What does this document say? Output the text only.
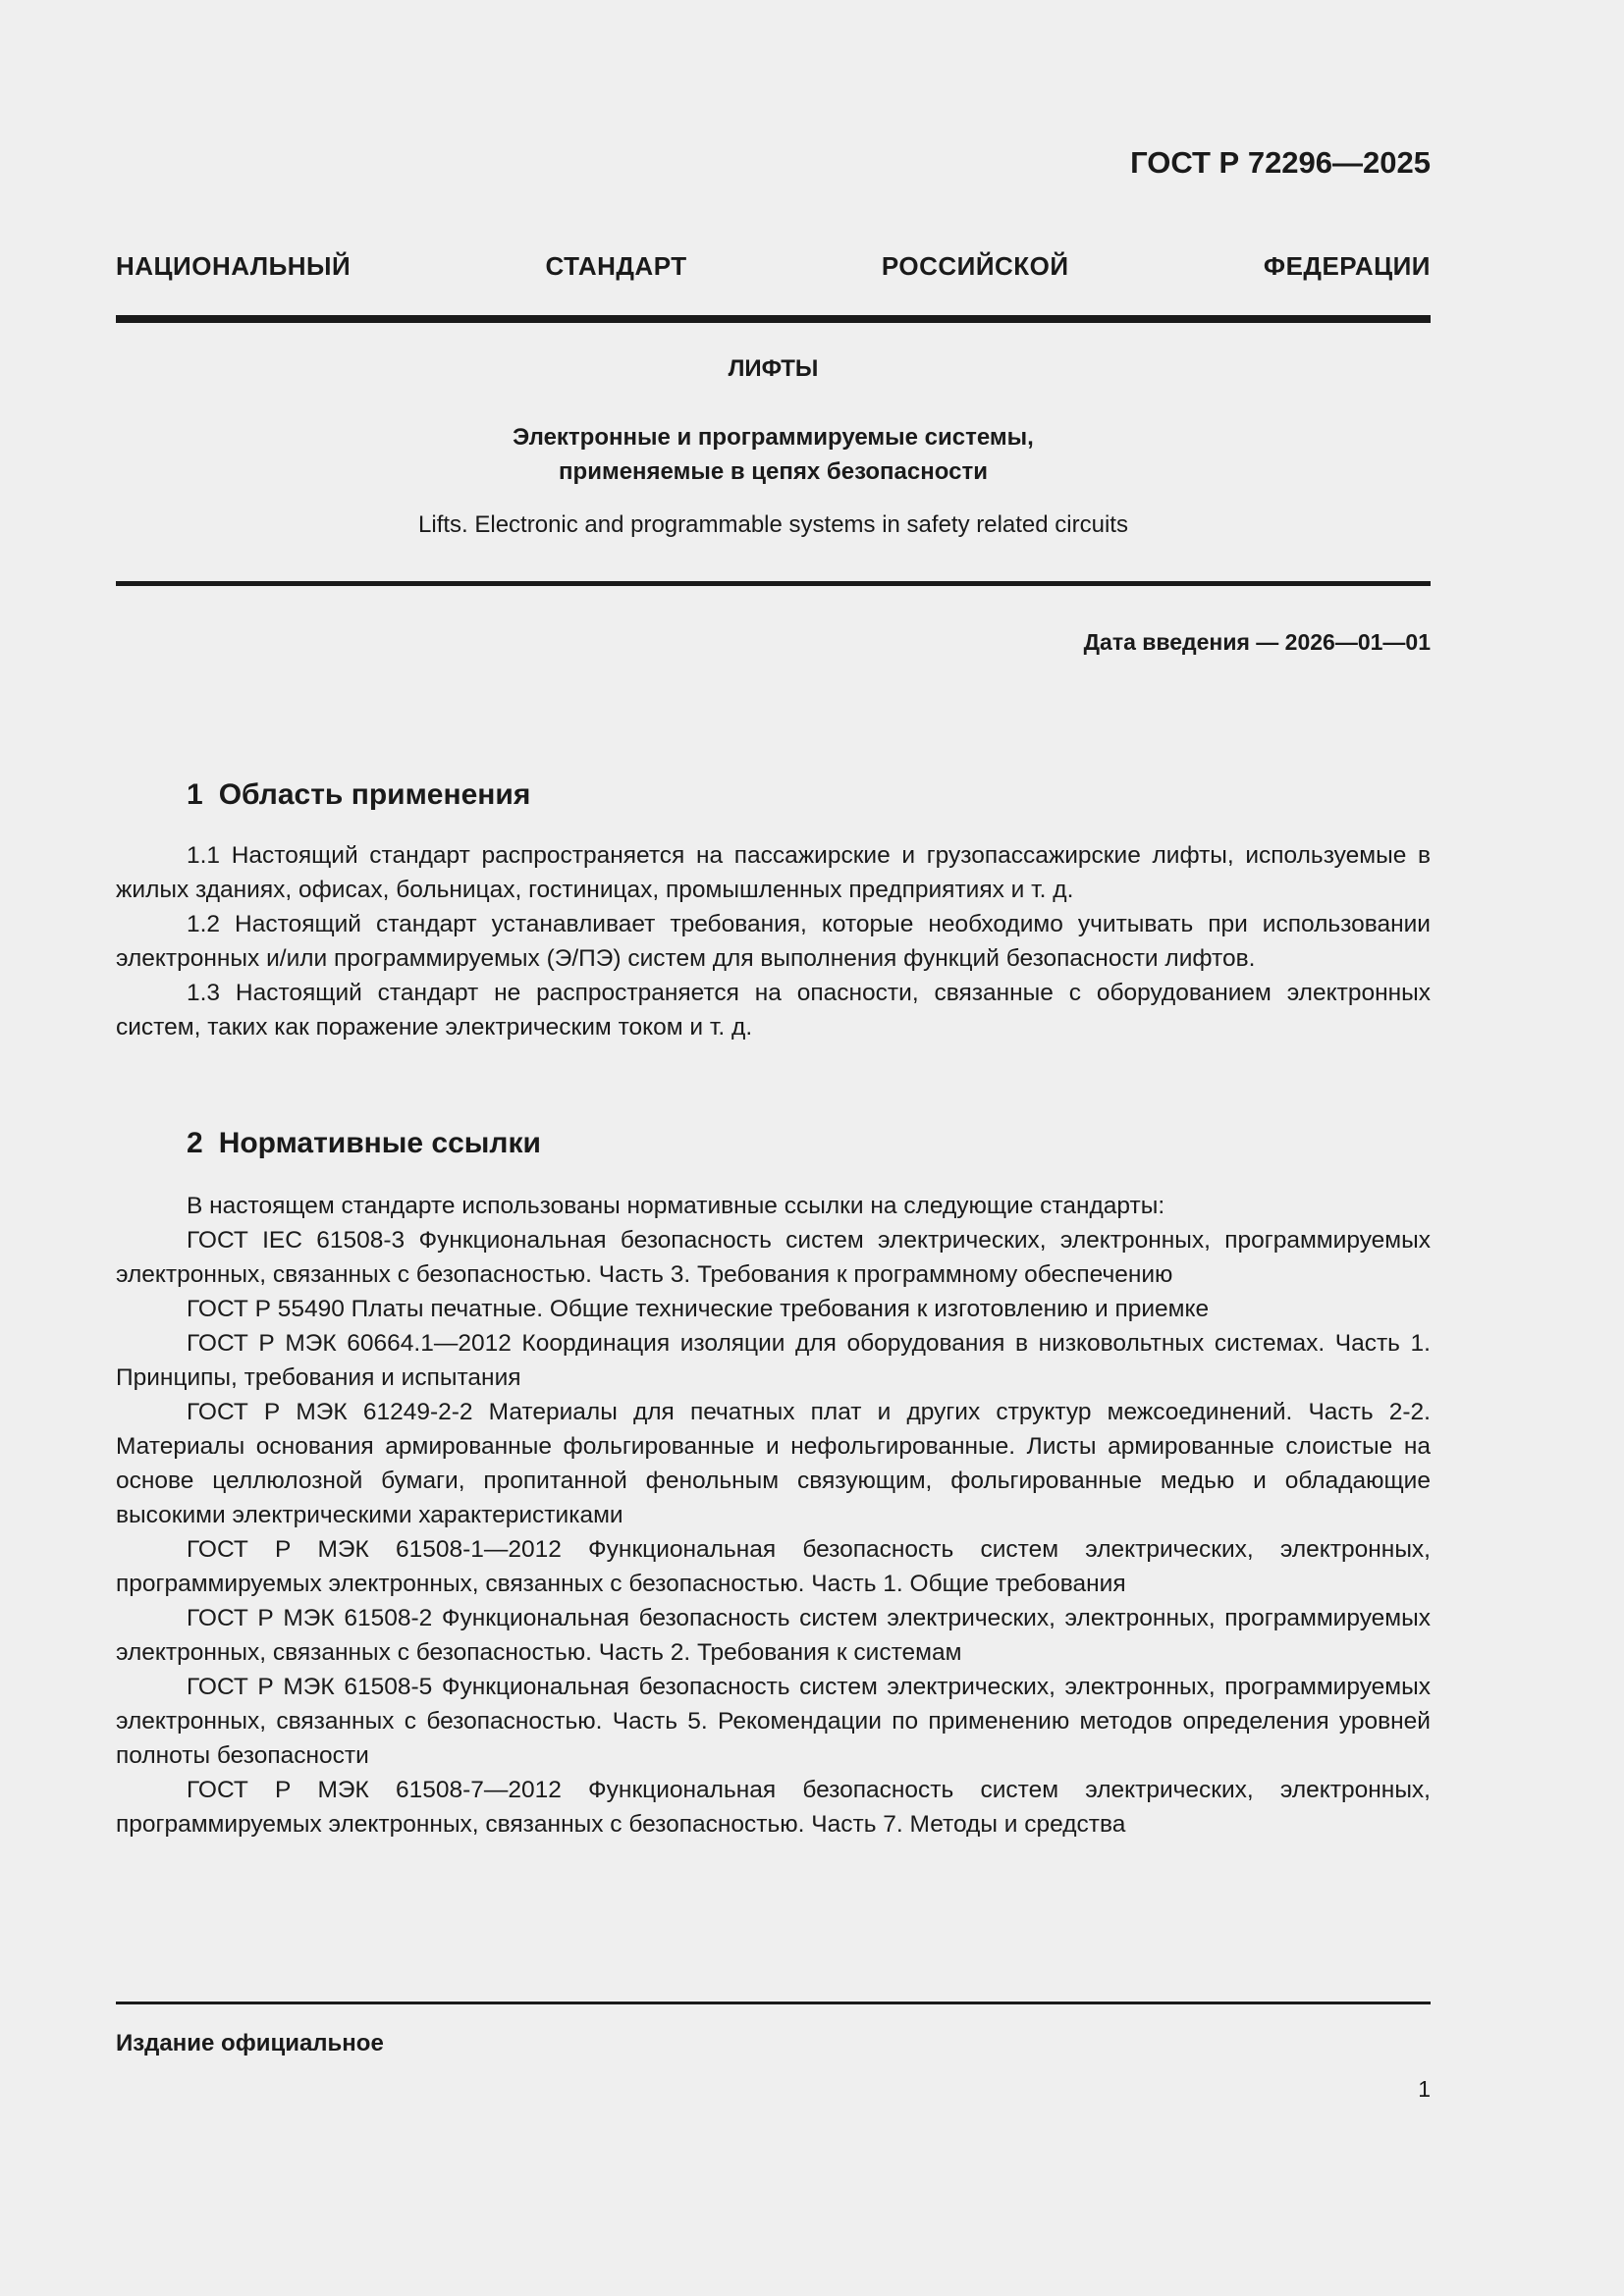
ГОСТ Р 72296—2025
НАЦИОНАЛЬНЫЙ СТАНДАРТ РОССИЙСКОЙ ФЕДЕРАЦИИ
ЛИФТЫ
Электронные и программируемые системы,
применяемые в цепях безопасности
Lifts. Electronic and programmable systems in safety related circuits
Дата введения — 2026—01—01
1 Область применения

1.1 Настоящий стандарт распространяется на пассажирские и грузопассажирские лифты, используемые в жилых зданиях, офисах, больницах, гостиницах, промышленных предприятиях и т. д.

1.2 Настоящий стандарт устанавливает требования, которые необходимо учитывать при использовании электронных и/или программируемых (Э/ПЭ) систем для выполнения функций безопасности лифтов.

1.3 Настоящий стандарт не распространяется на опасности, связанные с оборудованием электронных систем, таких как поражение электрическим током и т. д.

2 Нормативные ссылки

В настоящем стандарте использованы нормативные ссылки на следующие стандарты:

ГОСТ IEC 61508-3 Функциональная безопасность систем электрических, электронных, программируемых электронных, связанных с безопасностью. Часть 3. Требования к программному обеспечению

ГОСТ Р 55490 Платы печатные. Общие технические требования к изготовлению и приемке

ГОСТ Р МЭК 60664.1—2012 Координация изоляции для оборудования в низковольтных системах. Часть 1. Принципы, требования и испытания

ГОСТ Р МЭК 61249-2-2 Материалы для печатных плат и других структур межсоединений. Часть 2-2. Материалы основания армированные фольгированные и нефольгированные. Листы армированные слоистые на основе целлюлозной бумаги, пропитанной фенольным связующим, фольгированные медью и обладающие высокими электрическими характеристиками

ГОСТ Р МЭК 61508-1—2012 Функциональная безопасность систем электрических, электронных, программируемых электронных, связанных с безопасностью. Часть 1. Общие требования

ГОСТ Р МЭК 61508-2 Функциональная безопасность систем электрических, электронных, программируемых электронных, связанных с безопасностью. Часть 2. Требования к системам

ГОСТ Р МЭК 61508-5 Функциональная безопасность систем электрических, электронных, программируемых электронных, связанных с безопасностью. Часть 5. Рекомендации по применению методов определения уровней полноты безопасности

ГОСТ Р МЭК 61508-7—2012 Функциональная безопасность систем электрических, электронных, программируемых электронных, связанных с безопасностью. Часть 7. Методы и средства

Издание официальное
1
